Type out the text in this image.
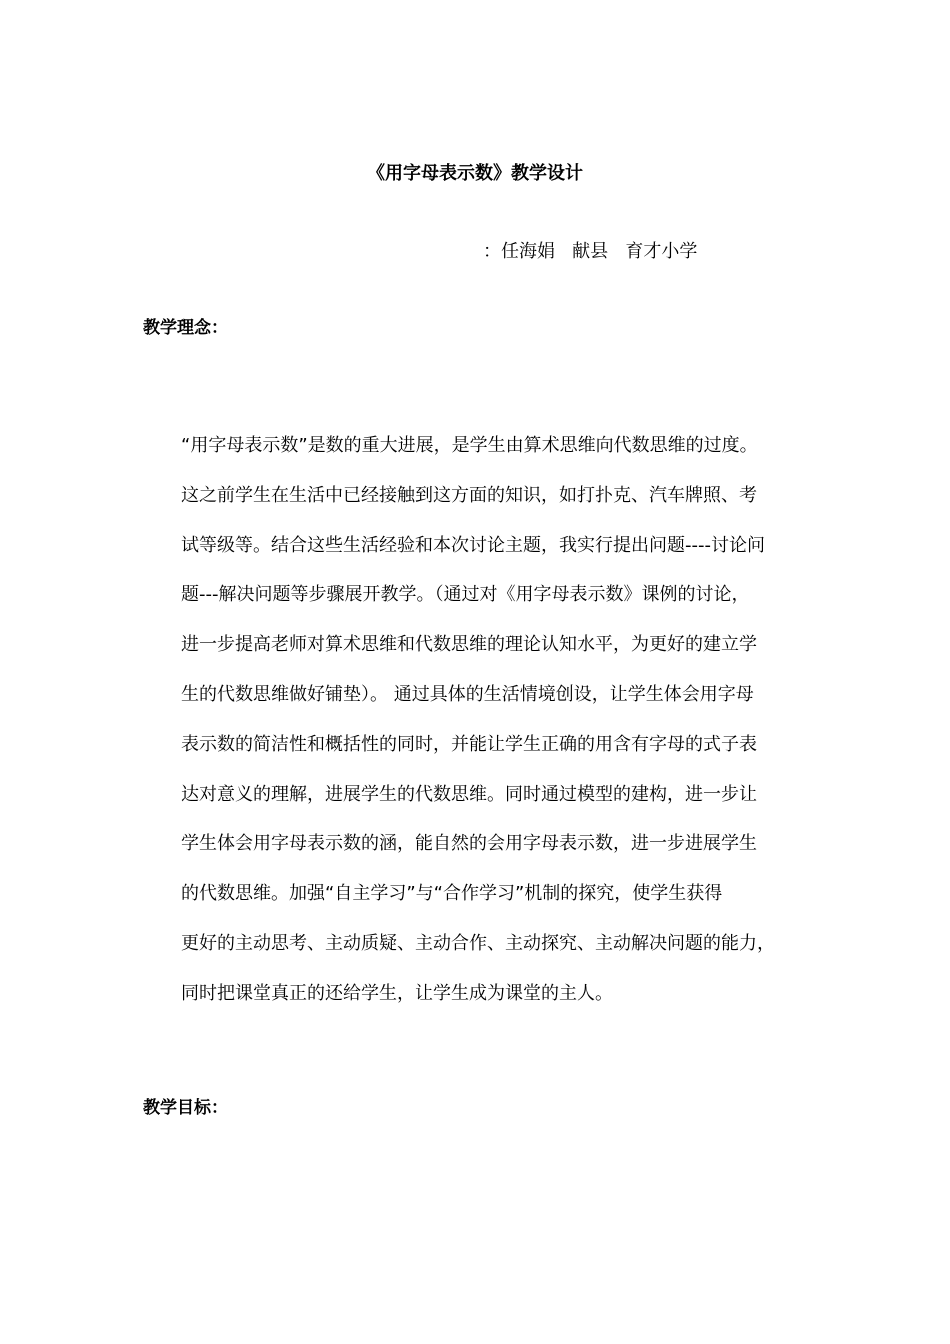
《用字母表示数》教学设计
：任海娟   献县   育才小学
教学理念：
“用字母表示数”是数的重大进展，是学生由算术思维向代数思维的过度。
这之前学生在生活中已经接触到这方面的知识，如打扑克、汽车牌照、考
试等级等。结合这些生活经验和本次讨论主题，我实行提出问题----讨论问
题---解决问题等步骤展开教学。（通过对《用字母表示数》课例的讨论，
进一步提高老师对算术思维和代数思维的理论认知水平，为更好的建立学
生的代数思维做好铺垫）。 通过具体的生活情境创设，让学生体会用字母
表示数的简洁性和概括性的同时，并能让学生正确的用含有字母的式子表
达对意义的理解，进展学生的代数思维。同时通过模型的建构，进一步让
学生体会用字母表示数的涵，能自然的会用字母表示数，进一步进展学生
的代数思维。加强“自主学习”与“合作学习”机制的探究，使学生获得
更好的主动思考、主动质疑、主动合作、主动探究、主动解决问题的能力，
同时把课堂真正的还给学生，让学生成为课堂的主人。
教学目标：
